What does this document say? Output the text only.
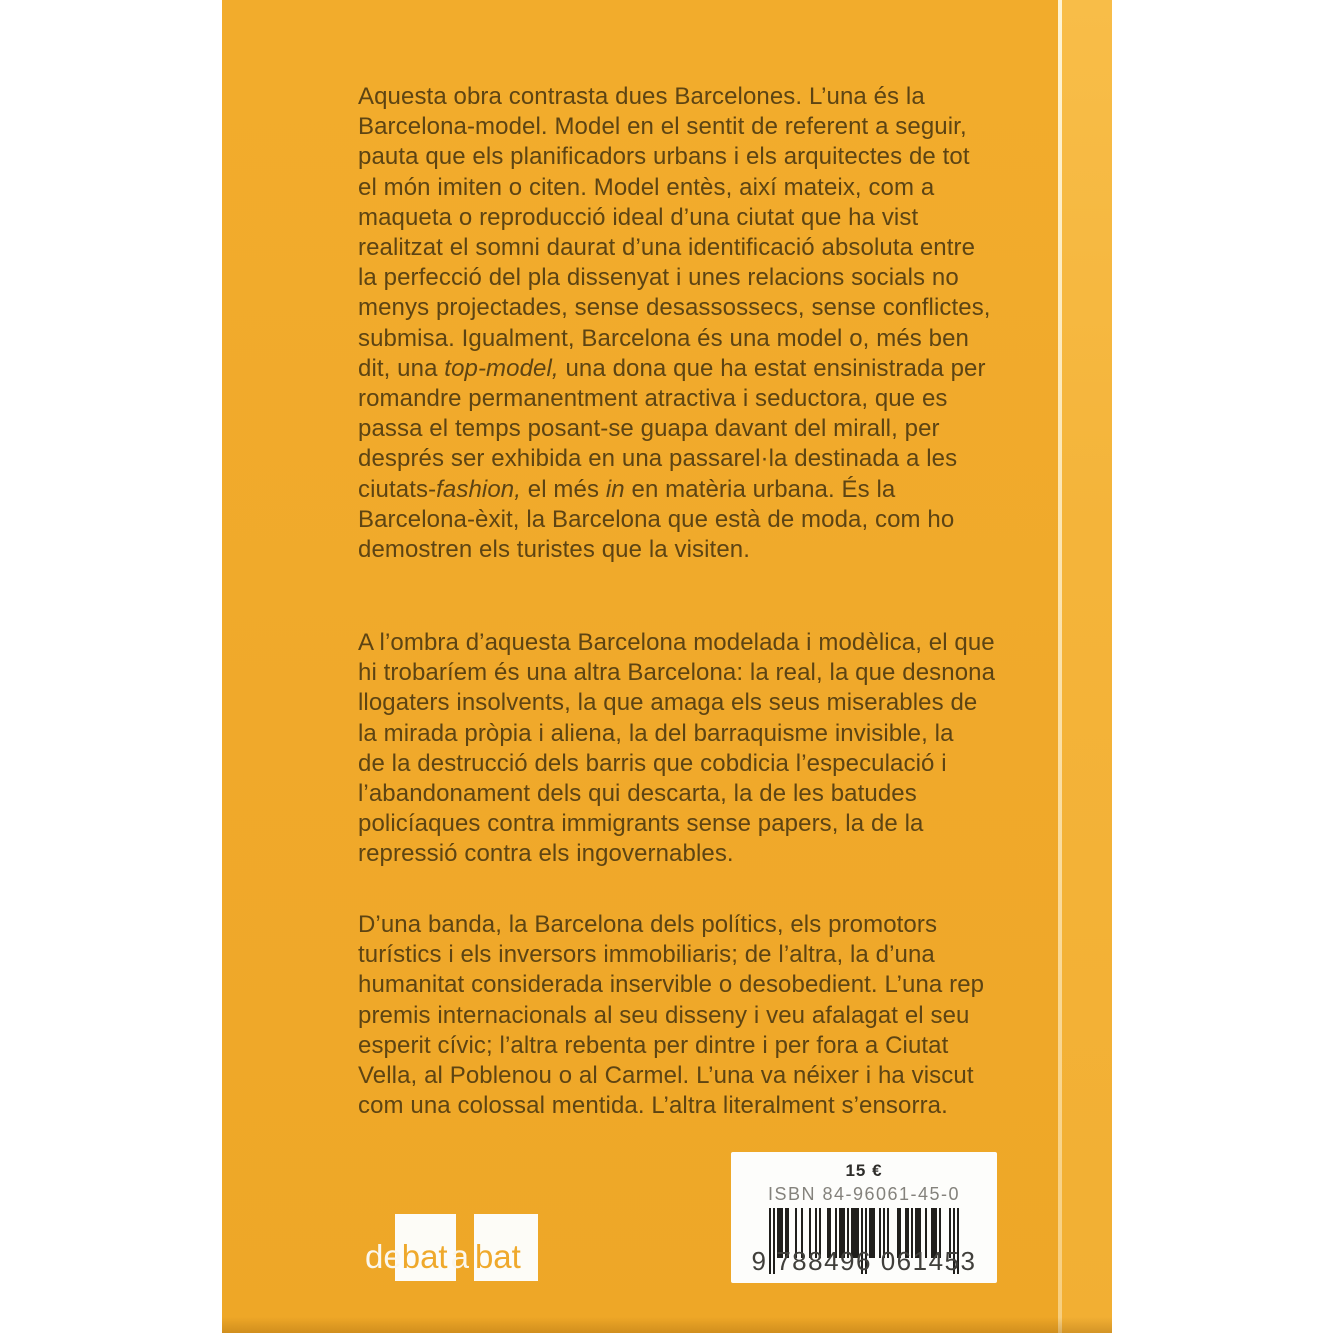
Aquesta obra contrasta dues Barcelones. L’una és la
Barcelona-model. Model en el sentit de referent a seguir,
pauta que els planificadors urbans i els arquitectes de tot
el món imiten o citen. Model entès, així mateix, com a
maqueta o reproducció ideal d’una ciutat que ha vist
realitzat el somni daurat d’una identificació absoluta entre
la perfecció del pla dissenyat i unes relacions socials no
menys projectades, sense desassossecs, sense conflictes,
submisa. Igualment, Barcelona és una model o, més ben
dit, una top-model, una dona que ha estat ensinistrada per
romandre permanentment atractiva i seductora, que es
passa el temps posant-se guapa davant del mirall, per
després ser exhibida en una passarel·la destinada a les
ciutats-fashion, el més in en matèria urbana. És la
Barcelona-èxit, la Barcelona que està de moda, com ho
demostren els turistes que la visiten.
A l’ombra d’aquesta Barcelona modelada i modèlica, el que
hi trobaríem és una altra Barcelona: la real, la que desnona
llogaters insolvents, la que amaga els seus miserables de
la mirada pròpia i aliena, la del barraquisme invisible, la
de la destrucció dels barris que cobdicia l’especulació i
l’abandonament dels qui descarta, la de les batudes
policíaques contra immigrants sense papers, la de la
repressió contra els ingovernables.
D’una banda, la Barcelona dels polítics, els promotors
turístics i els inversors immobiliaris; de l’altra, la d’una
humanitat considerada inservible o desobedient. L’una rep
premis internacionals al seu disseny i veu afalagat el seu
esperit cívic; l’altra rebenta per dintre i per fora a Ciutat
Vella, al Poblenou o al Carmel. L’una va néixer i ha viscut
com una colossal mentida. L’altra literalment s’ensorra.
de bat a bat
15 €
ISBN 84-96061-45-0
9 788496 061453
